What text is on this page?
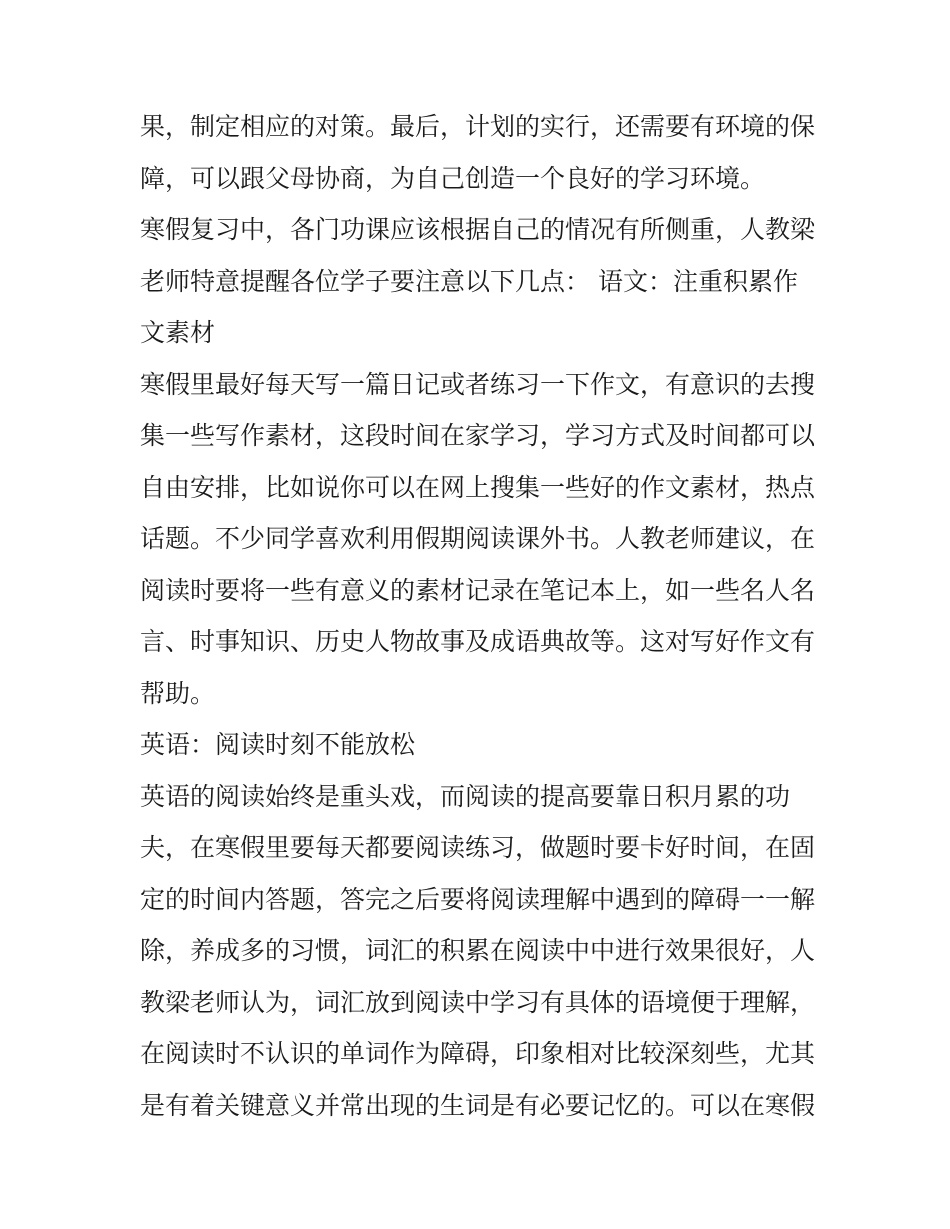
果，制定相应的对策。最后，计划的实行，还需要有环境的保
障，可以跟父母协商，为自己创造一个良好的学习环境。
寒假复习中，各门功课应该根据自己的情况有所侧重，人教梁
老师特意提醒各位学子要注意以下几点： 语文：注重积累作
文素材
寒假里最好每天写一篇日记或者练习一下作文，有意识的去搜
集一些写作素材，这段时间在家学习，学习方式及时间都可以
自由安排，比如说你可以在网上搜集一些好的作文素材，热点
话题。不少同学喜欢利用假期阅读课外书。人教老师建议，在
阅读时要将一些有意义的素材记录在笔记本上，如一些名人名
言、时事知识、历史人物故事及成语典故等。这对写好作文有
帮助。
英语：阅读时刻不能放松
英语的阅读始终是重头戏，而阅读的提高要靠日积月累的功
夫，在寒假里要每天都要阅读练习，做题时要卡好时间，在固
定的时间内答题，答完之后要将阅读理解中遇到的障碍一一解
除，养成多的习惯，词汇的积累在阅读中中进行效果很好，人
教梁老师认为，词汇放到阅读中学习有具体的语境便于理解，
在阅读时不认识的单词作为障碍，印象相对比较深刻些，尤其
是有着关键意义并常出现的生词是有必要记忆的。可以在寒假
